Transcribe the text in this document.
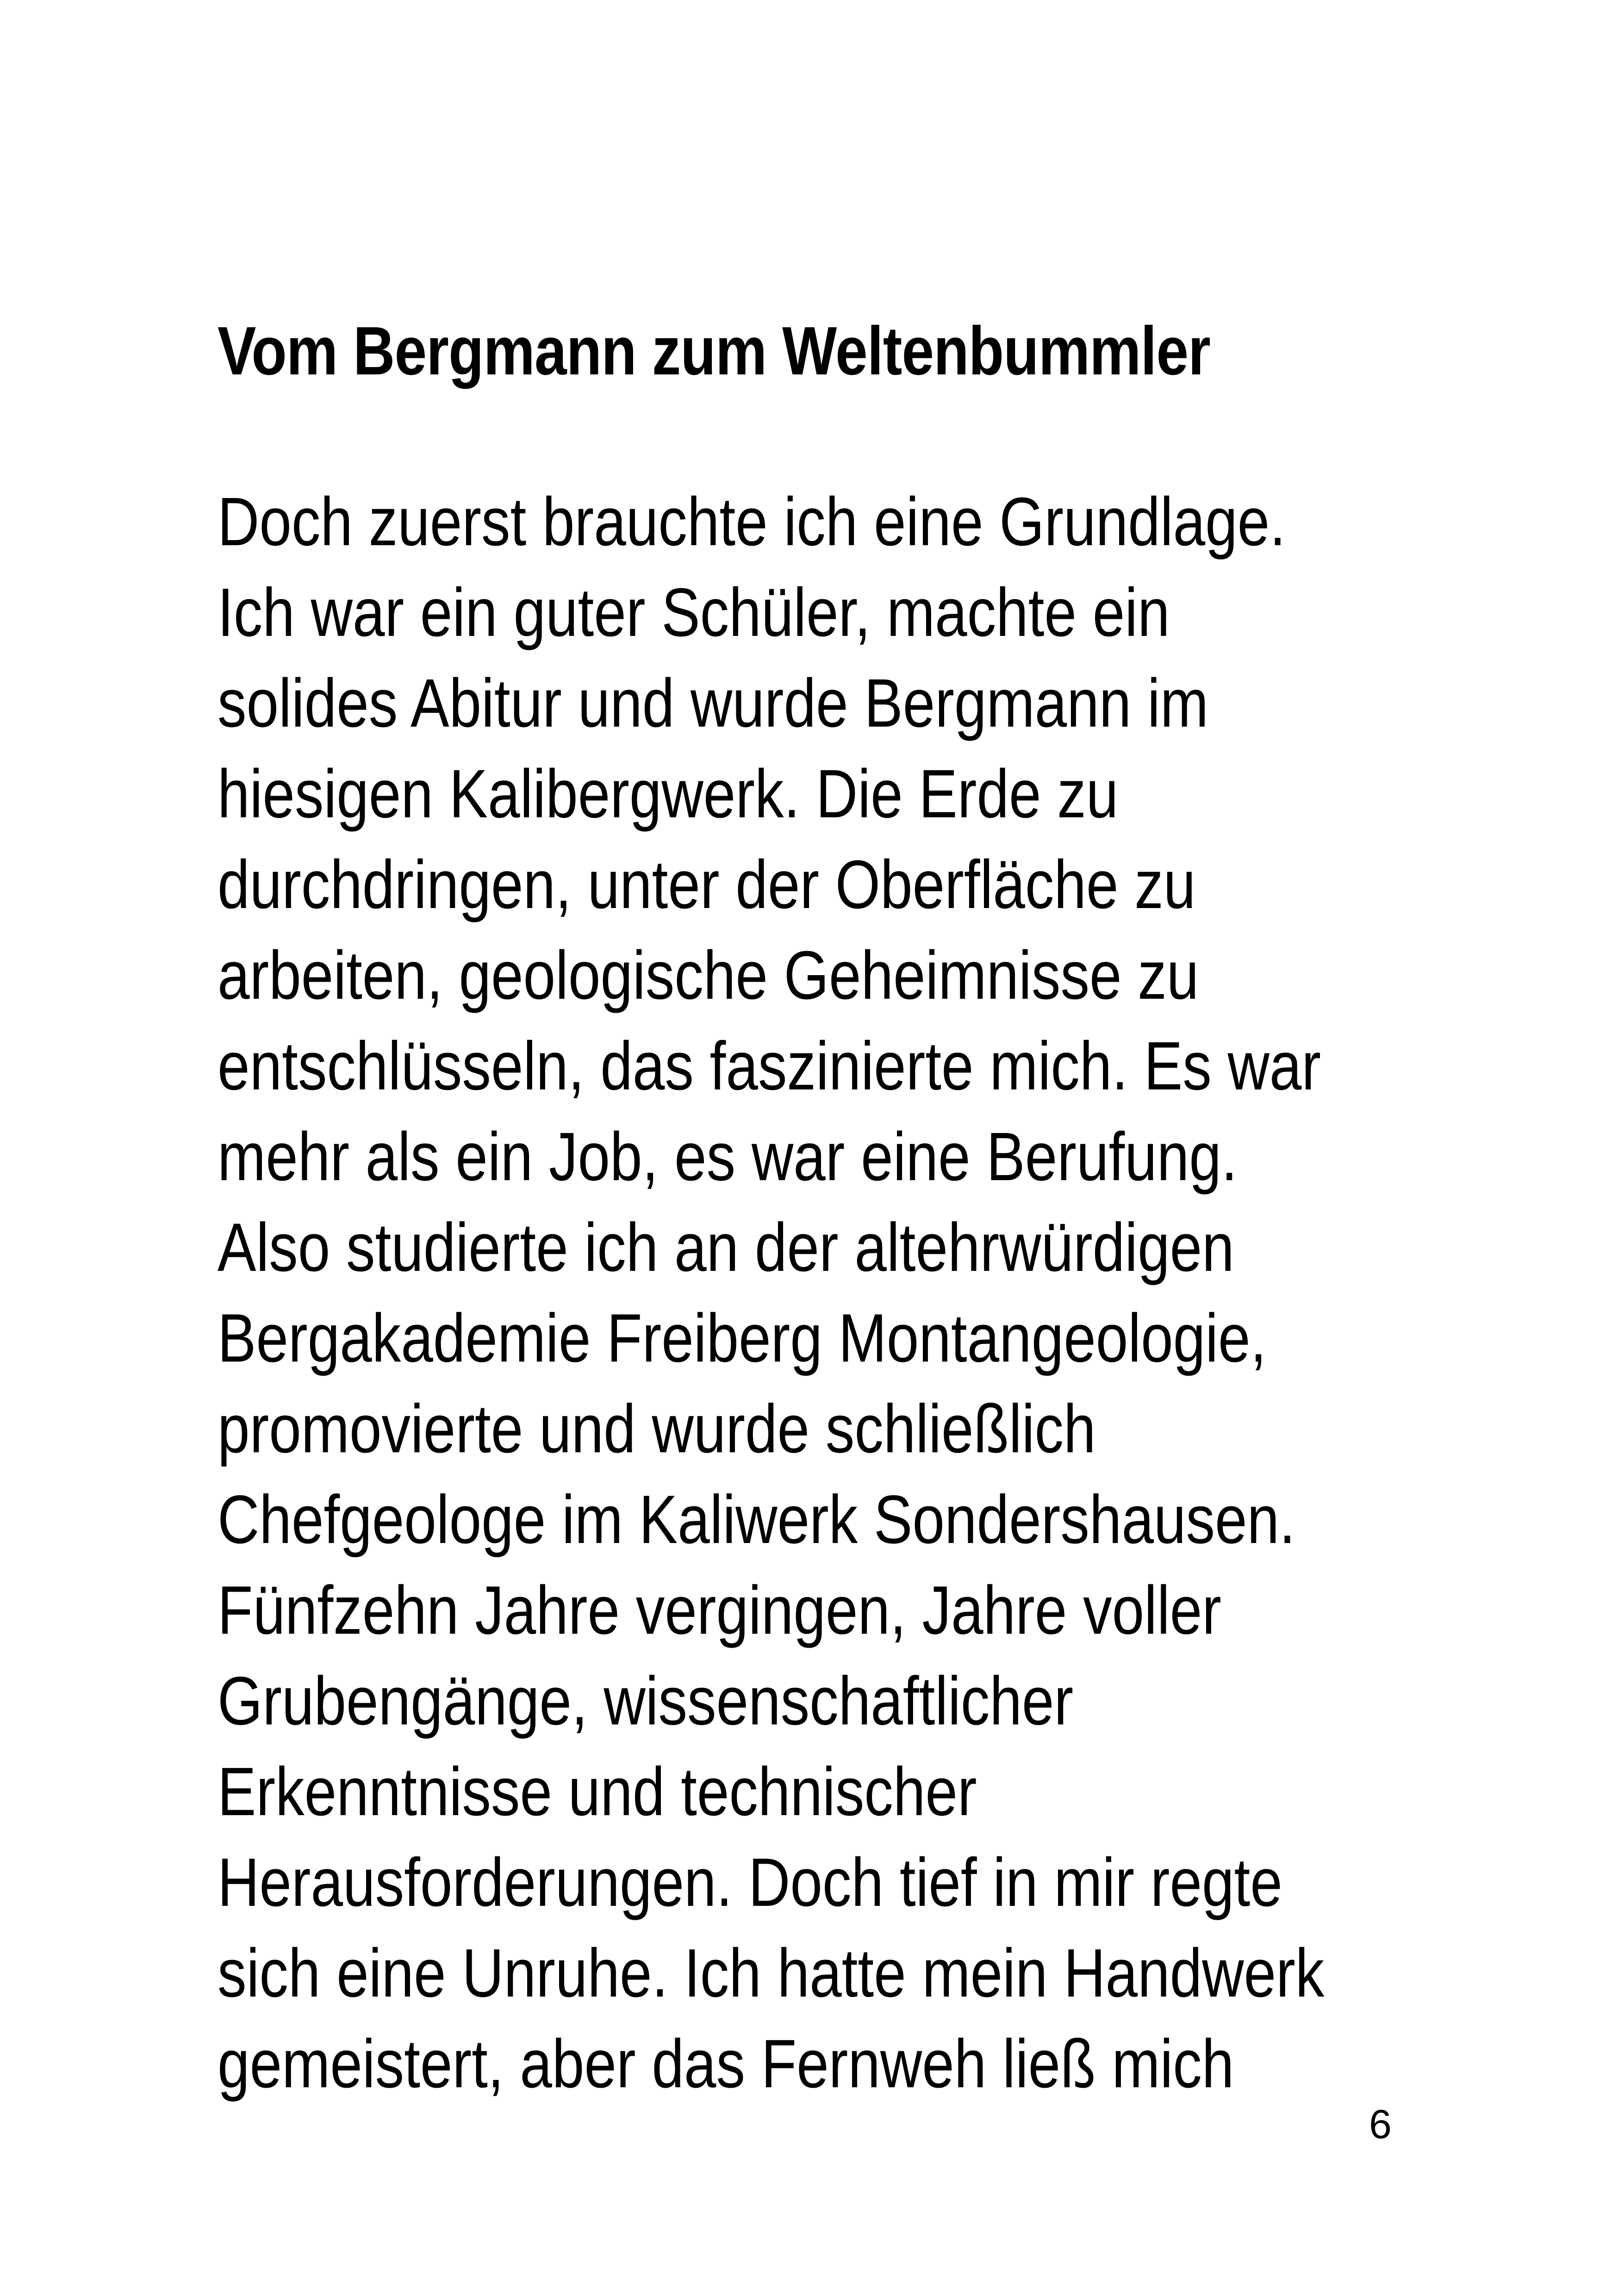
Vom Bergmann zum Weltenbummler
Doch zuerst brauchte ich eine Grundlage.
Ich war ein guter Schüler, machte ein
solides Abitur und wurde Bergmann im
hiesigen Kalibergwerk. Die Erde zu
durchdringen, unter der Oberfläche zu
arbeiten, geologische Geheimnisse zu
entschlüsseln, das faszinierte mich. Es war
mehr als ein Job, es war eine Berufung.
Also studierte ich an der altehrwürdigen
Bergakademie Freiberg Montangeologie,
promovierte und wurde schließlich
Chefgeologe im Kaliwerk Sondershausen.
Fünfzehn Jahre vergingen, Jahre voller
Grubengänge, wissenschaftlicher
Erkenntnisse und technischer
Herausforderungen. Doch tief in mir regte
sich eine Unruhe. Ich hatte mein Handwerk
gemeistert, aber das Fernweh ließ mich
6
